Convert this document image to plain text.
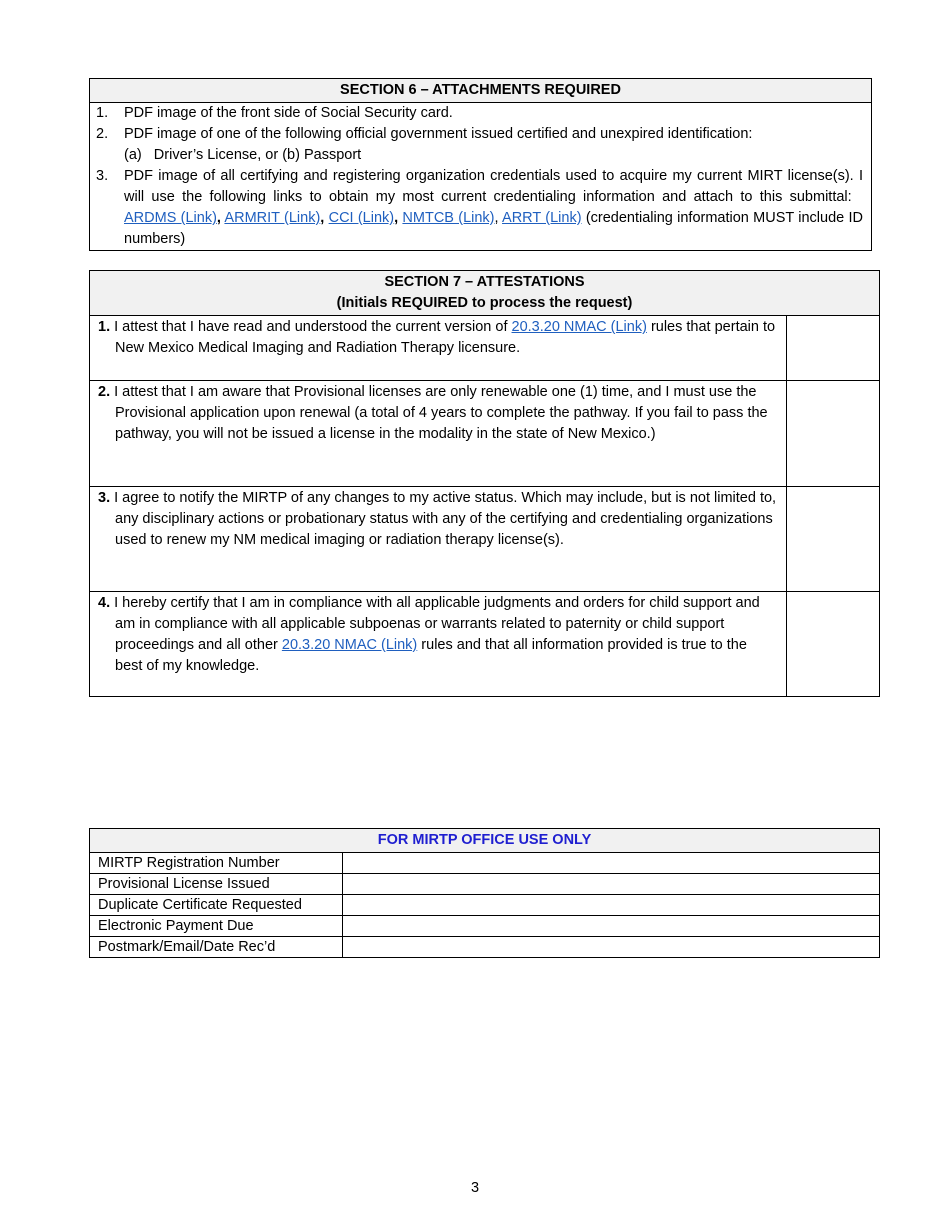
SECTION 6 – ATTACHMENTS REQUIRED

1.	PDF image of the front side of Social Security card.
2.	PDF image of one of the following official government issued certified and unexpired identification:
(a)   Driver’s License, or (b) Passport
3.	PDF image of all certifying and registering organization credentials used to acquire my current MIRT license(s). I will use the following links to obtain my most current credentialing information and attach to this submittal:   ARDMS (Link), ARMRIT (Link), CCI (Link), NMTCB (Link), ARRT (Link) (credentialing information MUST include ID numbers)
SECTION 7 – ATTESTATIONS
(Initials REQUIRED to process the request)	

1. I attest that I have read and understood the current version of 20.3.20 NMAC (Link) rules that pertain to New Mexico Medical Imaging and Radiation Therapy licensure.	

2. I attest that I am aware that Provisional licenses are only renewable one (1) time, and I must use the Provisional application upon renewal (a total of 4 years to complete the pathway. If you fail to pass the pathway, you will not be issued a license in the modality in the state of New Mexico.)	

3. I agree to notify the MIRTP of any changes to my active status. Which may include, but is not limited to, any disciplinary actions or probationary status with any of the certifying and credentialing organizations used to renew my NM medical imaging or radiation therapy license(s).	

4. I hereby certify that I am in compliance with all applicable judgments and orders for child support and am in compliance with all applicable subpoenas or warrants related to paternity or child support proceedings and all other 20.3.20 NMAC (Link) rules and that all information provided is true to the best of my knowledge.	

FOR MIRTP OFFICE USE ONLY	
MIRTP Registration Number	
Provisional License Issued	
Duplicate Certificate Requested	
Electronic Payment Due	
Postmark/Email/Date Rec’d	
3
